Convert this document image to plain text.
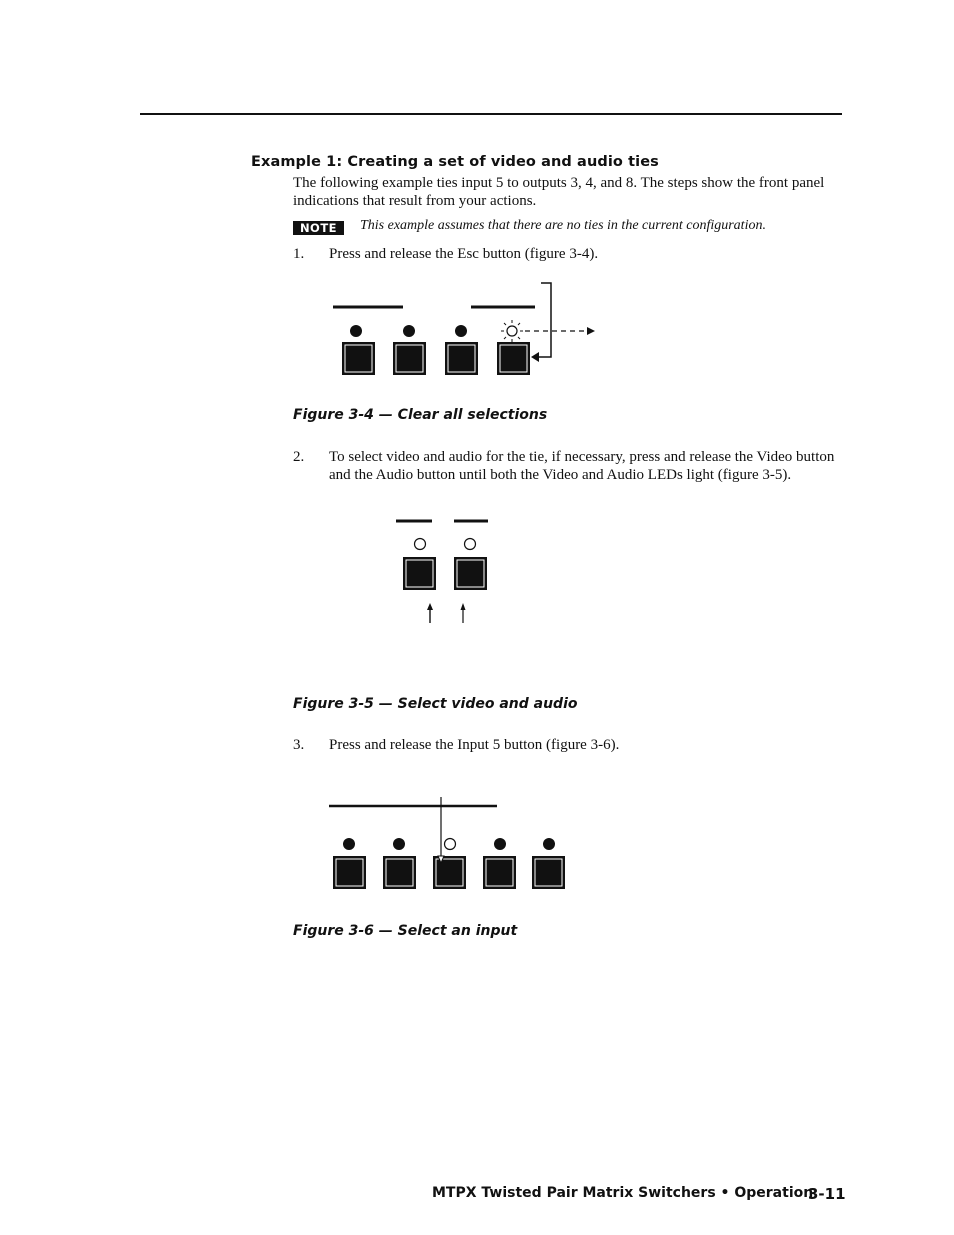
Example 1: Creating a set of video and audio ties
The following example ties input 5 to outputs 3, 4, and 8. The steps show the front panel indications that result from your actions.
NOTE	This example assumes that there are no ties in the current configuration.
1. Press and release the Esc button (figure 3-4).
Figure 3-4 — Clear all selections
2. To select video and audio for the tie, if necessary, press and release the Video button and the Audio button until both the Video and Audio LEDs light (figure 3-5).
Figure 3-5 — Select video and audio
3. Press and release the Input 5 button (figure 3-6).
Figure 3-6 — Select an input
MTPX Twisted Pair Matrix Switchers • Operation
3-11
